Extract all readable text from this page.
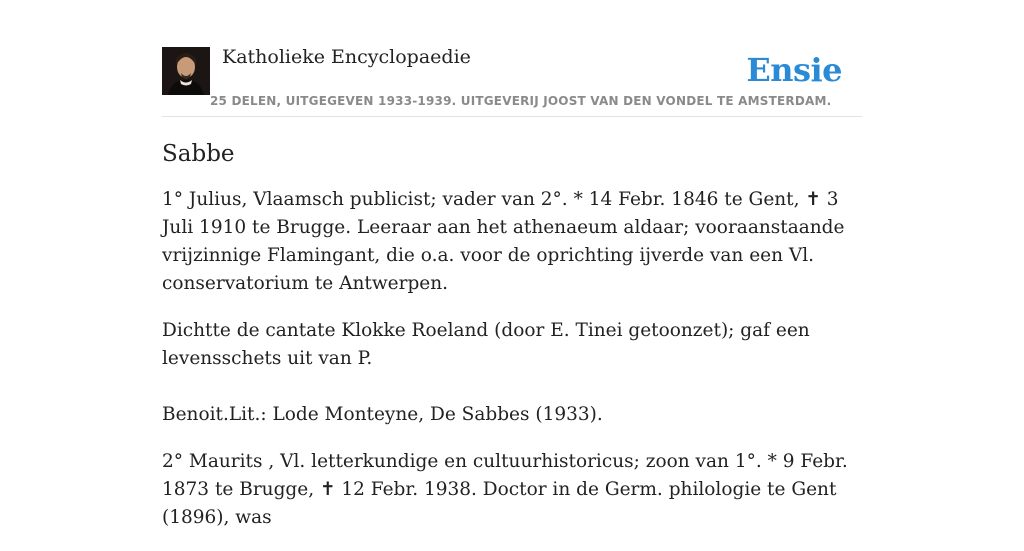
Katholieke Encyclopaedie
25 DELEN, UITGEGEVEN 1933-1939. UITGEVERIJ JOOST VAN DEN VONDEL TE AMSTERDAM.
Ensie
Sabbe

1° Julius, Vlaamsch publicist; vader van 2°. * 14 Febr. 1846 te Gent, ✝ 3 Juli 1910 te Brugge. Leeraar aan het athenaeum aldaar; vooraanstaande vrijzinnige Flamingant, die o.a. voor de oprichting ijverde van een Vl. conservatorium te Antwerpen.

Dichtte de cantate Klokke Roeland (door E. Tinei getoonzet); gaf een levensschets uit van P.

Benoit.Lit.: Lode Monteyne, De Sabbes (1933).

2° Maurits , Vl. letterkundige en cultuurhistoricus; zoon van 1°. * 9 Febr. 1873 te Brugge, ✝ 12 Febr. 1938. Doctor in de Germ. philologie te Gent (1896), was
